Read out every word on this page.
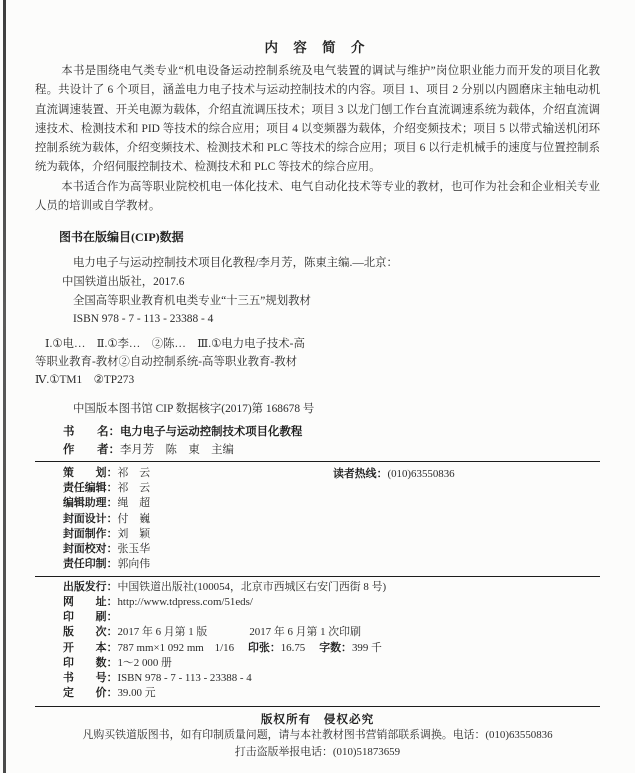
内 容 简 介

本书是围绕电气类专业“机电设备运动控制系统及电气装置的调试与维护”岗位职业能力而开发的项目化教程。共设计了 6 个项目，涵盖电力电子技术与运动控制技术的内容。项目 1、项目 2 分别以内圆磨床主轴电动机直流调速装置、开关电源为载体，介绍直流调压技术；项目 3 以龙门刨工作台直流调速系统为载体，介绍直流调速技术、检测技术和 PID 等技术的综合应用；项目 4 以变频器为载体，介绍变频技术；项目 5 以带式输送机闭环控制系统为载体，介绍变频技术、检测技术和 PLC 等技术的综合应用；项目 6 以行走机械手的速度与位置控制系统为载体，介绍伺服控制技术、检测技术和 PLC 等技术的综合应用。

本书适合作为高等职业院校机电一体化技术、电气自动化技术等专业的教材，也可作为社会和企业相关专业人员的培训或自学教材。

图书在版编目(CIP)数据
电力电子与运动控制技术项目化教程/李月芳，陈東主编.—北京：
中国铁道出版社，2017.6
全国高等职业教育机电类专业“十三五”规划教材
ISBN 978 - 7 - 113 - 23388 - 4
Ⅰ.①电…　Ⅱ.①李…　②陈…　Ⅲ.①电力电子技术-高
等职业教育-教材②自动控制系统-高等职业教育-教材
Ⅳ.①TM1　②TP273
中国版本图书馆 CIP 数据核字(2017)第 168678 号
书　　名：电力电子与运动控制技术项目化教程
作　　者：李月芳　陈　東　主编
策　　划：祁　云	读者热线：(010)63550836
责任编辑：祁　云
编辑助理：绳　超
封面设计：付　巍
封面制作：刘　颖
封面校对：张玉华
责任印制：郭向伟
出版发行：中国铁道出版社(100054，北京市西城区右安门西街 8 号)
网　　址：http://www.tdpress.com/51eds/
印　　刷：
版　　次：2017 年 6 月第 1 版	2017 年 6 月第 1 次印刷
开　　本：787 mm×1 092 mm　1/16 印张：16.75 字数：399 千
印　　数：1～2 000 册
书　　号：ISBN 978 - 7 - 113 - 23388 - 4
定　　价：39.00 元
版权所有　侵权必究
凡购买铁道版图书，如有印制质量问题，请与本社教材图书营销部联系调换。电话：(010)63550836
打击盗版举报电话：(010)51873659
